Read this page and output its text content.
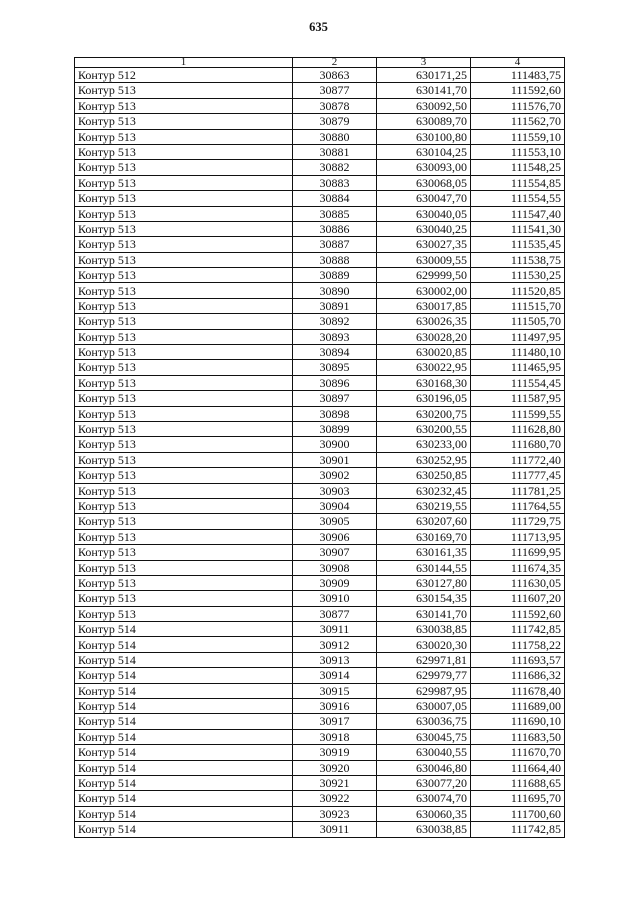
635
1	2	3	4
Контур 512	30863	630171,25	111483,75
Контур 513	30877	630141,70	111592,60
Контур 513	30878	630092,50	111576,70
Контур 513	30879	630089,70	111562,70
Контур 513	30880	630100,80	111559,10
Контур 513	30881	630104,25	111553,10
Контур 513	30882	630093,00	111548,25
Контур 513	30883	630068,05	111554,85
Контур 513	30884	630047,70	111554,55
Контур 513	30885	630040,05	111547,40
Контур 513	30886	630040,25	111541,30
Контур 513	30887	630027,35	111535,45
Контур 513	30888	630009,55	111538,75
Контур 513	30889	629999,50	111530,25
Контур 513	30890	630002,00	111520,85
Контур 513	30891	630017,85	111515,70
Контур 513	30892	630026,35	111505,70
Контур 513	30893	630028,20	111497,95
Контур 513	30894	630020,85	111480,10
Контур 513	30895	630022,95	111465,95
Контур 513	30896	630168,30	111554,45
Контур 513	30897	630196,05	111587,95
Контур 513	30898	630200,75	111599,55
Контур 513	30899	630200,55	111628,80
Контур 513	30900	630233,00	111680,70
Контур 513	30901	630252,95	111772,40
Контур 513	30902	630250,85	111777,45
Контур 513	30903	630232,45	111781,25
Контур 513	30904	630219,55	111764,55
Контур 513	30905	630207,60	111729,75
Контур 513	30906	630169,70	111713,95
Контур 513	30907	630161,35	111699,95
Контур 513	30908	630144,55	111674,35
Контур 513	30909	630127,80	111630,05
Контур 513	30910	630154,35	111607,20
Контур 513	30877	630141,70	111592,60
Контур 514	30911	630038,85	111742,85
Контур 514	30912	630020,30	111758,22
Контур 514	30913	629971,81	111693,57
Контур 514	30914	629979,77	111686,32
Контур 514	30915	629987,95	111678,40
Контур 514	30916	630007,05	111689,00
Контур 514	30917	630036,75	111690,10
Контур 514	30918	630045,75	111683,50
Контур 514	30919	630040,55	111670,70
Контур 514	30920	630046,80	111664,40
Контур 514	30921	630077,20	111688,65
Контур 514	30922	630074,70	111695,70
Контур 514	30923	630060,35	111700,60
Контур 514	30911	630038,85	111742,85
